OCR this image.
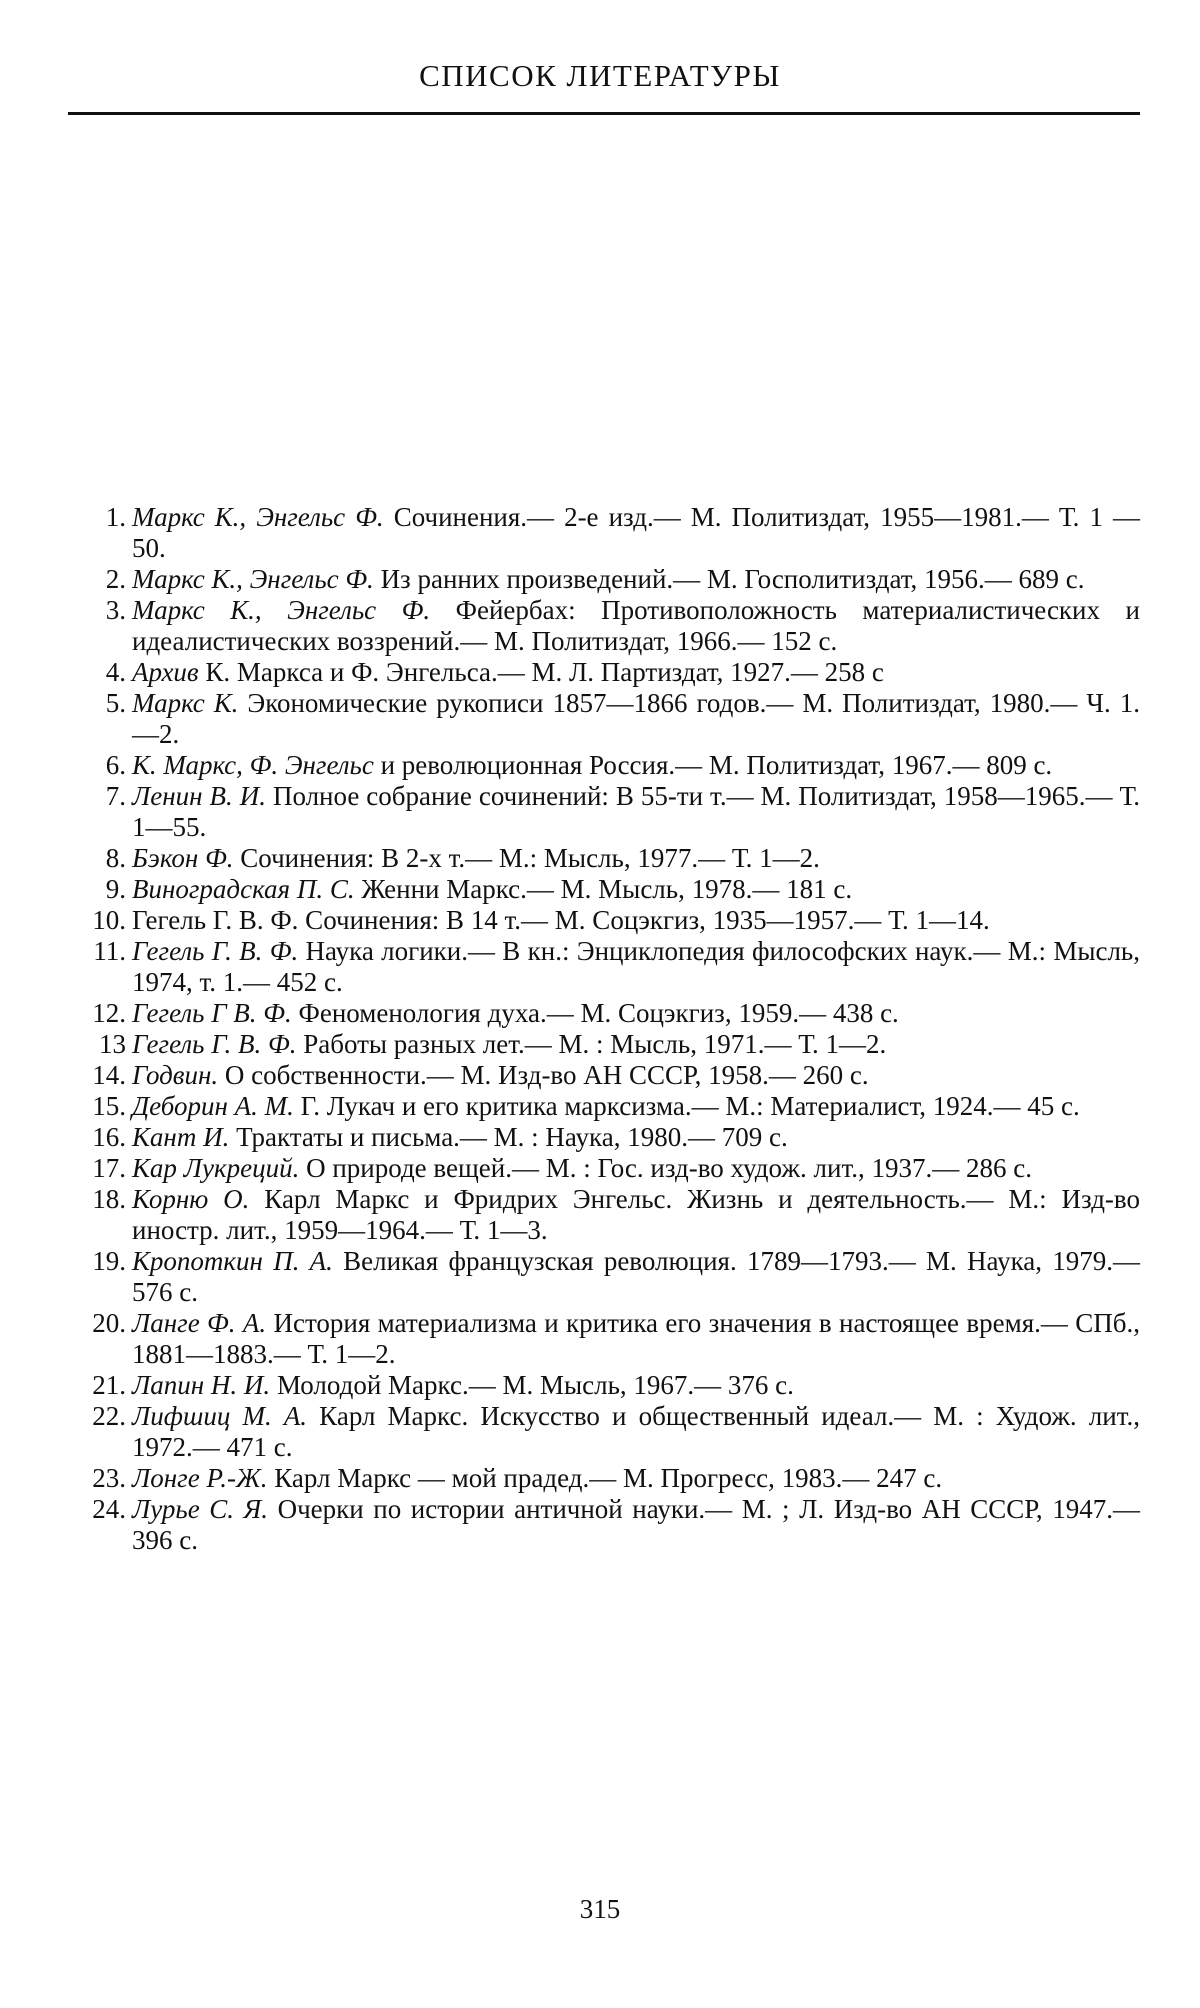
СПИСОК ЛИТЕРАТУРЫ
1. Маркс К., Энгельс Ф. Сочинения.— 2-е изд.— М. Политиздат, 1955—1981.— Т. 1 — 50.
2. Маркс К., Энгельс Ф. Из ранних произведений.— М. Госполитиздат, 1956.— 689 с.
3. Маркс К., Энгельс Ф. Фейербах: Противоположность материалистических и идеалистических воззрений.— М. Политиздат, 1966.— 152 с.
4. Архив К. Маркса и Ф. Энгельса.— М. Л. Партиздат, 1927.— 258 с
5. Маркс К. Экономические рукописи 1857—1866 годов.— М. Политиздат, 1980.— Ч. 1.—2.
6. К. Маркс, Ф. Энгельс и революционная Россия.— М. Политиздат, 1967.— 809 с.
7. Ленин В. И. Полное собрание сочинений: В 55-ти т.— М. Политиздат, 1958—1965.— Т. 1—55.
8. Бэкон Ф. Сочинения: В 2-х т.— М.: Мысль, 1977.— Т. 1—2.
9. Виноградская П. С. Женни Маркс.— М. Мысль, 1978.— 181 с.
10. Гегель Г. В. Ф. Сочинения: В 14 т.— М. Соцэкгиз, 1935—1957.— Т. 1—14.
11. Гегель Г. В. Ф. Наука логики.— В кн.: Энциклопедия философских наук.— М.: Мысль, 1974, т. 1.— 452 с.
12. Гегель Г В. Ф. Феноменология духа.— М. Соцэкгиз, 1959.— 438 с.
13 Гегель Г. В. Ф. Работы разных лет.— М. : Мысль, 1971.— Т. 1—2.
14. Годвин. О собственности.— М. Изд-во АН СССР, 1958.— 260 с.
15. Деборин А. М. Г. Лукач и его критика марксизма.— М.: Материалист, 1924.— 45 с.
16. Кант И. Трактаты и письма.— М. : Наука, 1980.— 709 с.
17. Кар Лукреций. О природе вещей.— М. : Гос. изд-во худож. лит., 1937.— 286 с.
18. Корню О. Карл Маркс и Фридрих Энгельс. Жизнь и деятельность.— М.: Изд-во иностр. лит., 1959—1964.— Т. 1—3.
19. Кропоткин П. А. Великая французская революция. 1789—1793.— М. Наука, 1979.— 576 с.
20. Ланге Ф. А. История материализма и критика его значения в настоящее время.— СПб., 1881—1883.— Т. 1—2.
21. Лапин Н. И. Молодой Маркс.— М. Мысль, 1967.— 376 с.
22. Лифшиц М. А. Карл Маркс. Искусство и общественный идеал.— М. : Худож. лит., 1972.— 471 с.
23. Лонге Р.-Ж. Карл Маркс — мой прадед.— М. Прогресс, 1983.— 247 с.
24. Лурье С. Я. Очерки по истории античной науки.— М. ; Л. Изд-во АН СССР, 1947.— 396 с.
315
